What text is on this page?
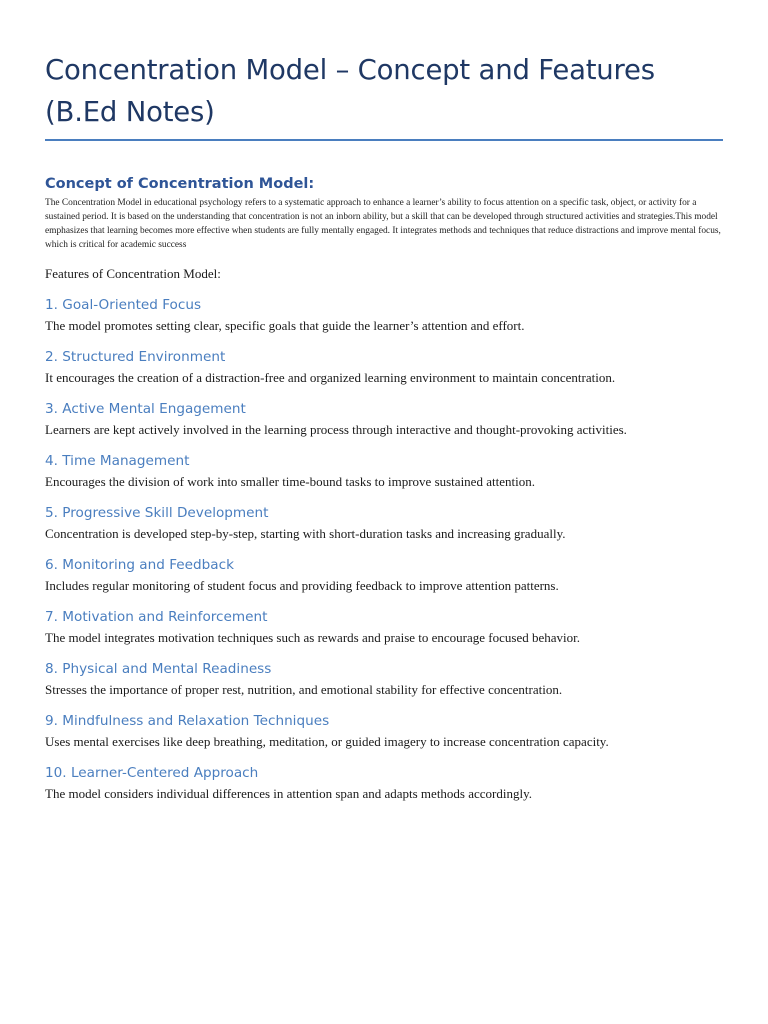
Concentration Model – Concept and Features (B.Ed Notes)
Concept of Concentration Model:

The Concentration Model in educational psychology refers to a systematic approach to enhance a learner’s ability to focus attention on a specific task, object, or activity for a sustained period. It is based on the understanding that concentration is not an inborn ability, but a skill that can be developed through structured activities and strategies.This model emphasizes that learning becomes more effective when students are fully mentally engaged. It integrates methods and techniques that reduce distractions and improve mental focus, which is critical for academic success

Features of Concentration Model:

1. Goal-Oriented Focus

The model promotes setting clear, specific goals that guide the learner’s attention and effort.

2. Structured Environment

It encourages the creation of a distraction-free and organized learning environment to maintain concentration.

3. Active Mental Engagement

Learners are kept actively involved in the learning process through interactive and thought-provoking activities.

4. Time Management

Encourages the division of work into smaller time-bound tasks to improve sustained attention.

5. Progressive Skill Development

Concentration is developed step-by-step, starting with short-duration tasks and increasing gradually.

6. Monitoring and Feedback

Includes regular monitoring of student focus and providing feedback to improve attention patterns.

7. Motivation and Reinforcement

The model integrates motivation techniques such as rewards and praise to encourage focused behavior.

8. Physical and Mental Readiness

Stresses the importance of proper rest, nutrition, and emotional stability for effective concentration.

9. Mindfulness and Relaxation Techniques

Uses mental exercises like deep breathing, meditation, or guided imagery to increase concentration capacity.

10. Learner-Centered Approach

The model considers individual differences in attention span and adapts methods accordingly.
